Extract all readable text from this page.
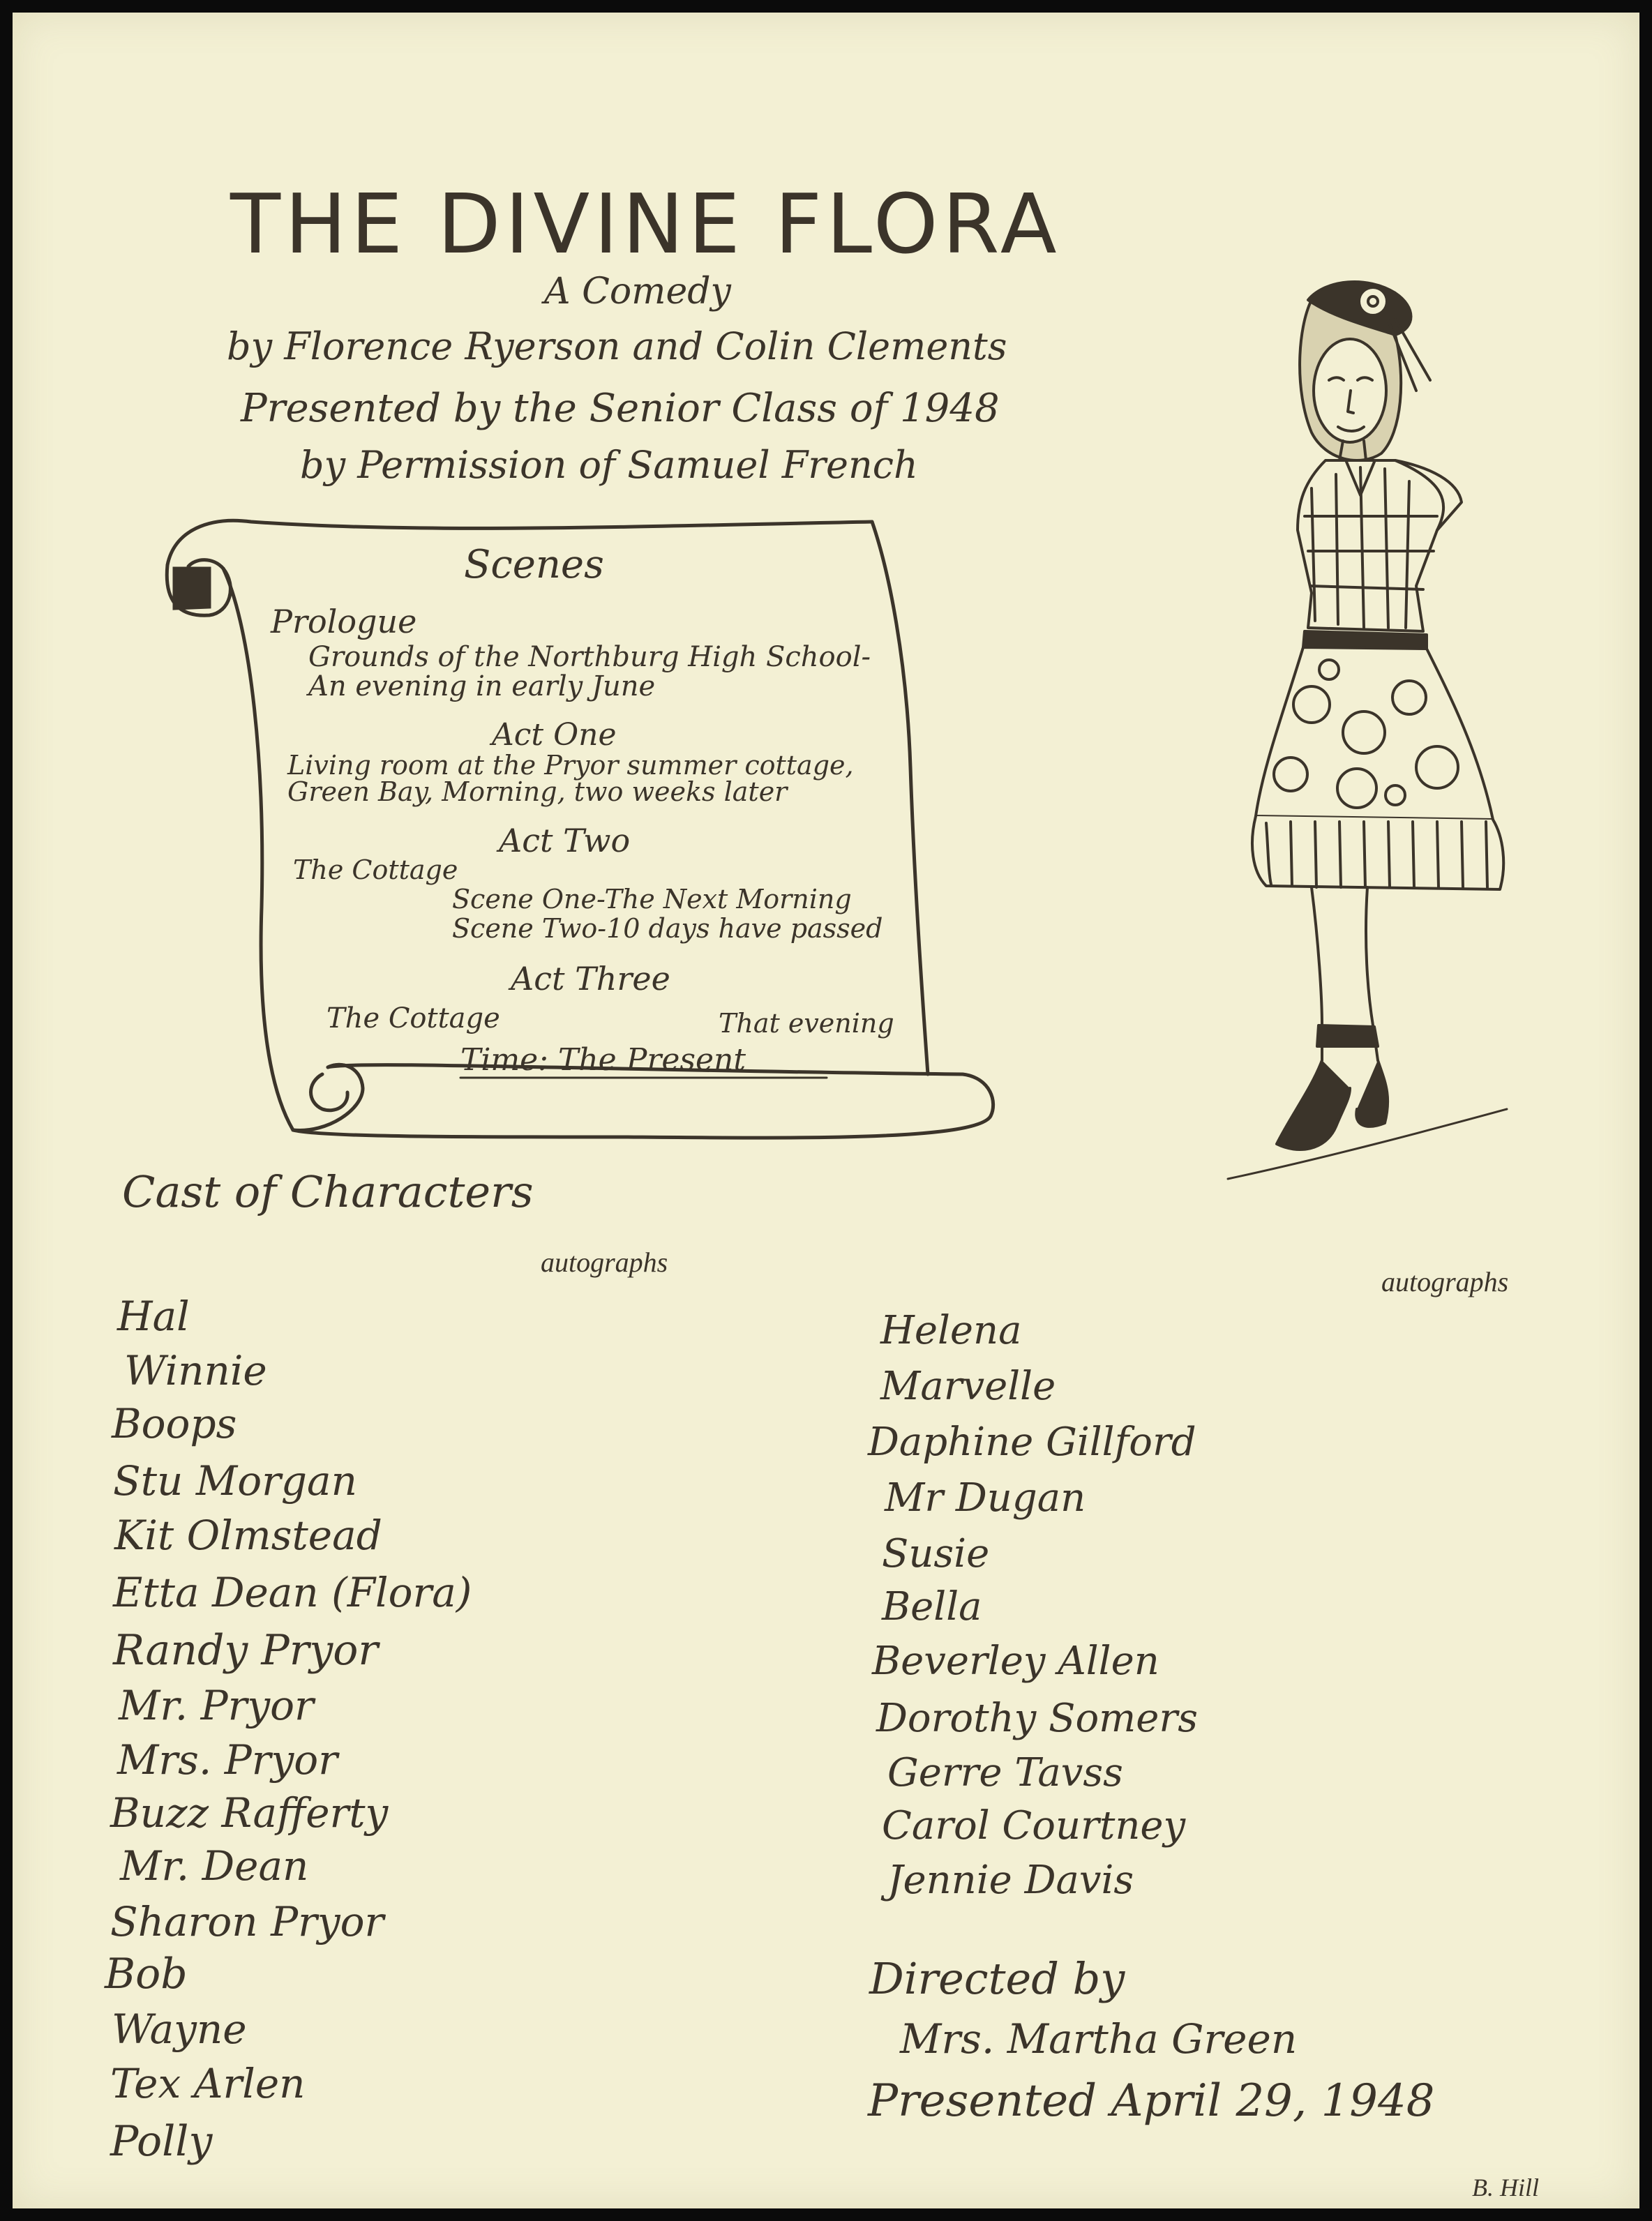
THE DIVINE FLORA
A Comedy
by Florence Ryerson and Colin Clements
Presented by the Senior Class of 1948
by Permission of Samuel French
Scenes
Prologue
Grounds of the Northburg High School-
An evening in early June
Act One
Living room at the Pryor summer cottage,
Green Bay, Morning, two weeks later
Act Two
The Cottage
Scene One-The Next Morning
Scene Two-10 days have passed
Act Three
The Cottage	That evening
Time: The Present
Cast of Characters
autographs
autographs
Hal
Winnie
Boops
Stu Morgan
Kit Olmstead
Etta Dean (Flora)
Randy Pryor
Mr. Pryor
Mrs. Pryor
Buzz Rafferty
Mr. Dean
Sharon Pryor
Bob
Wayne
Tex Arlen
Polly
Helena
Marvelle
Daphine Gillford
Mr Dugan
Susie
Bella
Beverley Allen
Dorothy Somers
Gerre Tavss
Carol Courtney
Jennie Davis
Directed by
Mrs. Martha Green
Presented April 29, 1948
B. Hill
